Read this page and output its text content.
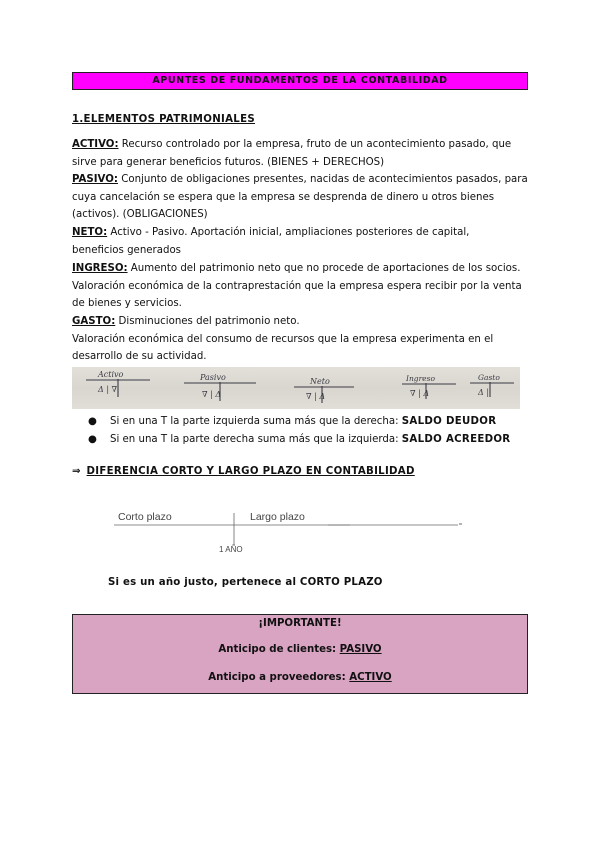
APUNTES DE FUNDAMENTOS DE LA CONTABILIDAD
1.ELEMENTOS PATRIMONIALES
ACTIVO: Recurso controlado por la empresa, fruto de un acontecimiento pasado, que
sirve para generar beneficios futuros. (BIENES + DERECHOS)
PASIVO: Conjunto de obligaciones presentes, nacidas de acontecimientos pasados, para
cuya cancelación se espera que la empresa se desprenda de dinero u otros bienes
(activos). (OBLIGACIONES)
NETO: Activo - Pasivo. Aportación inicial, ampliaciones posteriores de capital,
beneficios generados
INGRESO: Aumento del patrimonio neto que no procede de aportaciones de los socios.
Valoración económica de la contraprestación que la empresa espera recibir por la venta
de bienes y servicios.
GASTO: Disminuciones del patrimonio neto.
Valoración económica del consumo de recursos que la empresa experimenta en el
desarrollo de su actividad.
Activo
Δ | ∇
Pasivo
∇ | Δ
Neto
∇ | Δ
Ingreso
∇ | Δ
Gasto
Δ |
● Si en una T la parte izquierda suma más que la derecha: SALDO DEUDOR
● Si en una T la parte derecha suma más que la izquierda: SALDO ACREEDOR
⇒ DIFERENCIA CORTO Y LARGO PLAZO EN CONTABILIDAD
Corto plazo	Largo plazo
1 AÑO
Si es un año justo, pertenece al CORTO PLAZO
¡IMPORTANTE!
Anticipo de clientes: PASIVO
Anticipo a proveedores: ACTIVO
